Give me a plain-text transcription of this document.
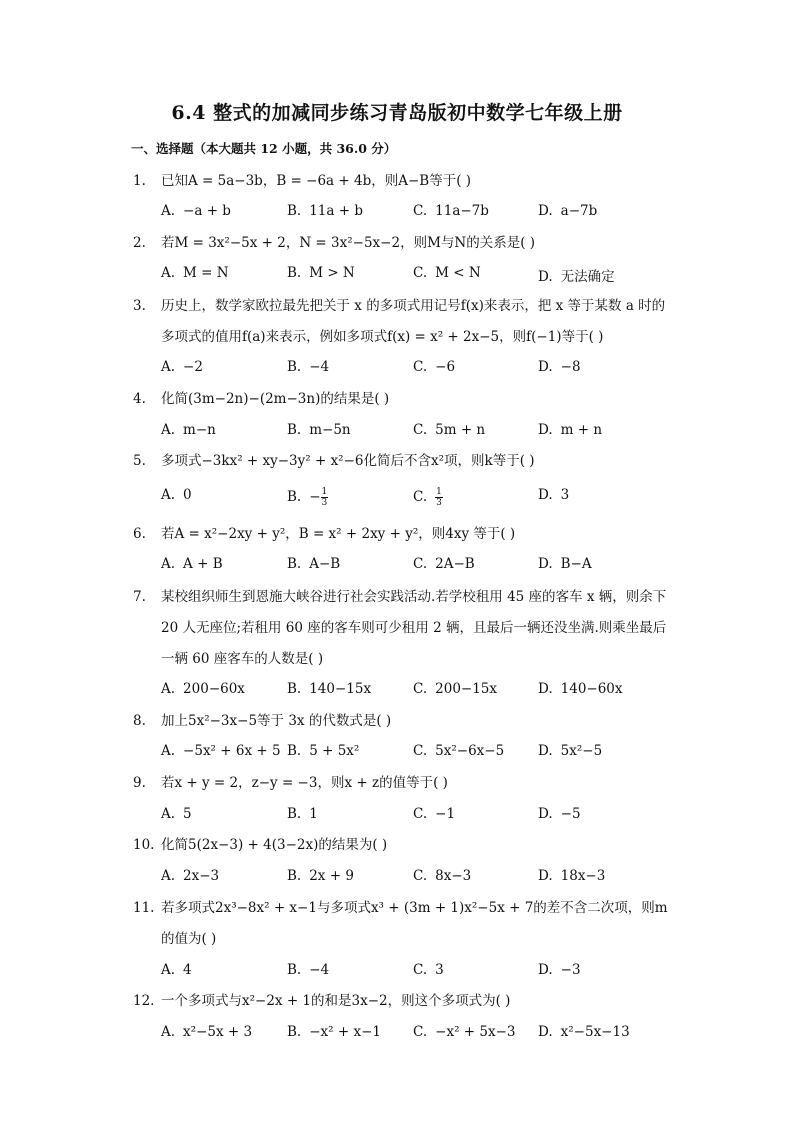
6.4 整式的加减同步练习青岛版初中数学七年级上册
一、选择题（本大题共 12 小题，共 36.0 分）
1.	已知A = 5a−3b，B = −6a + 4b，则A−B等于( )
A. −a + b	B. 11a + b	C. 11a−7b	D. a−7b
2.	若M = 3x²−5x + 2，N = 3x²−5x−2，则M与N的关系是( )
A. M = N	B. M > N	C. M < N	D. 无法确定
3.	历史上，数学家欧拉最先把关于 x 的多项式用记号f(x)来表示，把 x 等于某数 a 时的多项式的值用f(a)来表示，例如多项式f(x) = x² + 2x−5，则f(−1)等于( )
A. −2	B. −4	C. −6	D. −8
4.	化简(3m−2n)−(2m−3n)的结果是( )
A. m−n	B. m−5n	C. 5m + n	D. m + n
5.	多项式−3kx² + xy−3y² + x²−6化简后不含x²项，则k等于( )
A. 0	B. − $\frac{1}{3}$	C. $\frac{1}{3}$	D. 3
6.	若A = x²−2xy + y²，B = x² + 2xy + y²，则4xy 等于( )
A. A + B	B. A−B	C. 2A−B	D. B−A
7.	某校组织师生到恩施大峡谷进行社会实践活动.若学校租用 45 座的客车 x 辆，则余下 20 人无座位;若租用 60 座的客车则可少租用 2 辆，且最后一辆还没坐满.则乘坐最后一辆 60 座客车的人数是( )
A. 200−60x	B. 140−15x	C. 200−15x	D. 140−60x
8.	加上5x²−3x−5等于 3x 的代数式是( )
A. −5x² + 6x + 5 B. 5 + 5x²	C. 5x²−6x−5	D. 5x²−5
9.	若x + y = 2，z−y = −3，则x + z的值等于( )
A. 5	B. 1	C. −1	D. −5
10. 化简5(2x−3) + 4(3−2x)的结果为( )
A. 2x−3	B. 2x + 9	C. 8x−3	D. 18x−3
11. 若多项式2x³−8x² + x−1与多项式x³ + (3m + 1)x²−5x + 7的差不含二次项，则m的值为( )
A. 4	B. −4	C. 3	D. −3
12. 一个多项式与x²−2x + 1的和是3x−2，则这个多项式为( )
A. x²−5x + 3	B. −x² + x−1 C. −x² + 5x−3 D. x²−5x−13
